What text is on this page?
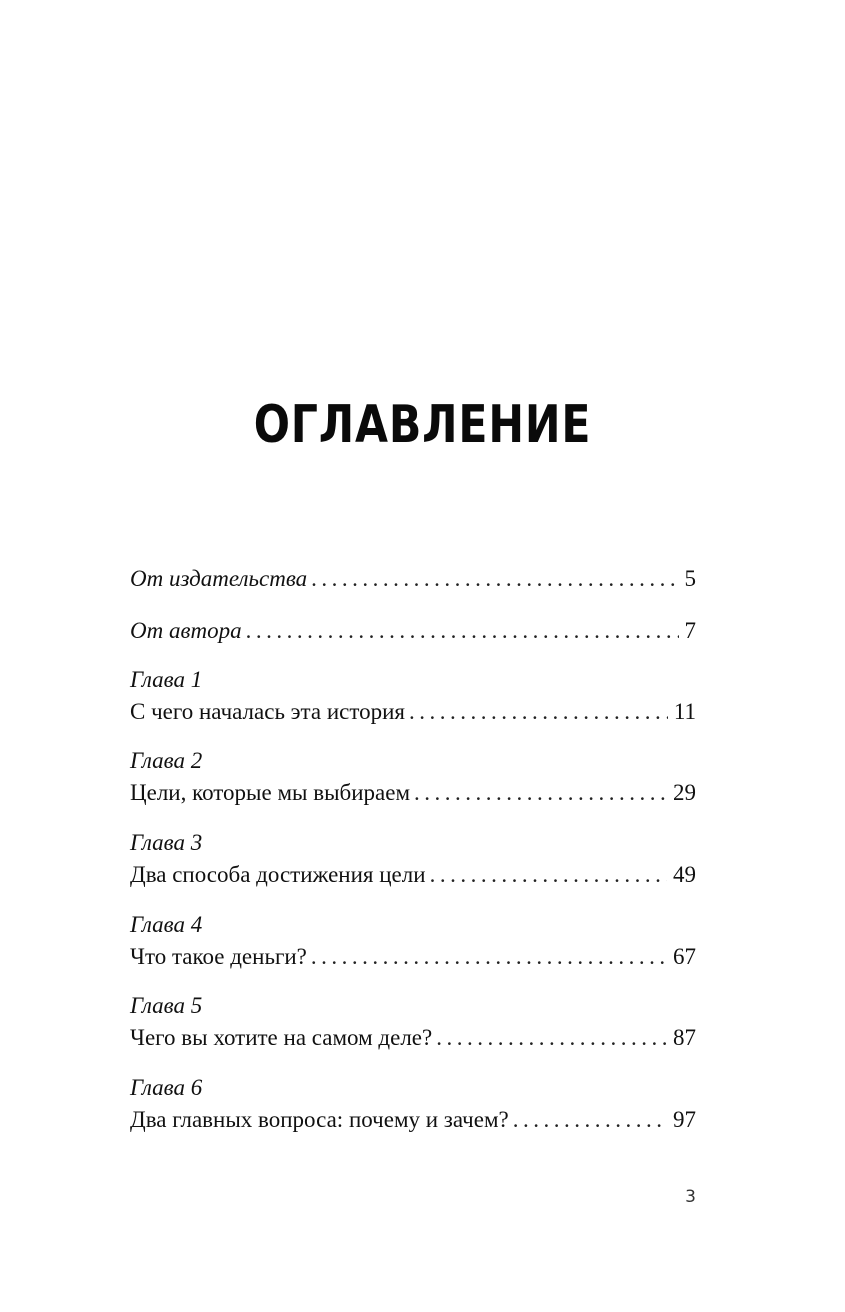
ОГЛАВЛЕНИЕ
От издательства .....	5
От автора .....	7
Глава 1
С чего началась эта история .....	11
Глава 2
Цели, которые мы выбираем .....	29
Глава 3
Два способа достижения цели .....	49
Глава 4
Что такое деньги? .....	67
Глава 5
Чего вы хотите на самом деле? .....	87
Глава 6
Два главных вопроса: почему и зачем? .....	97
3
